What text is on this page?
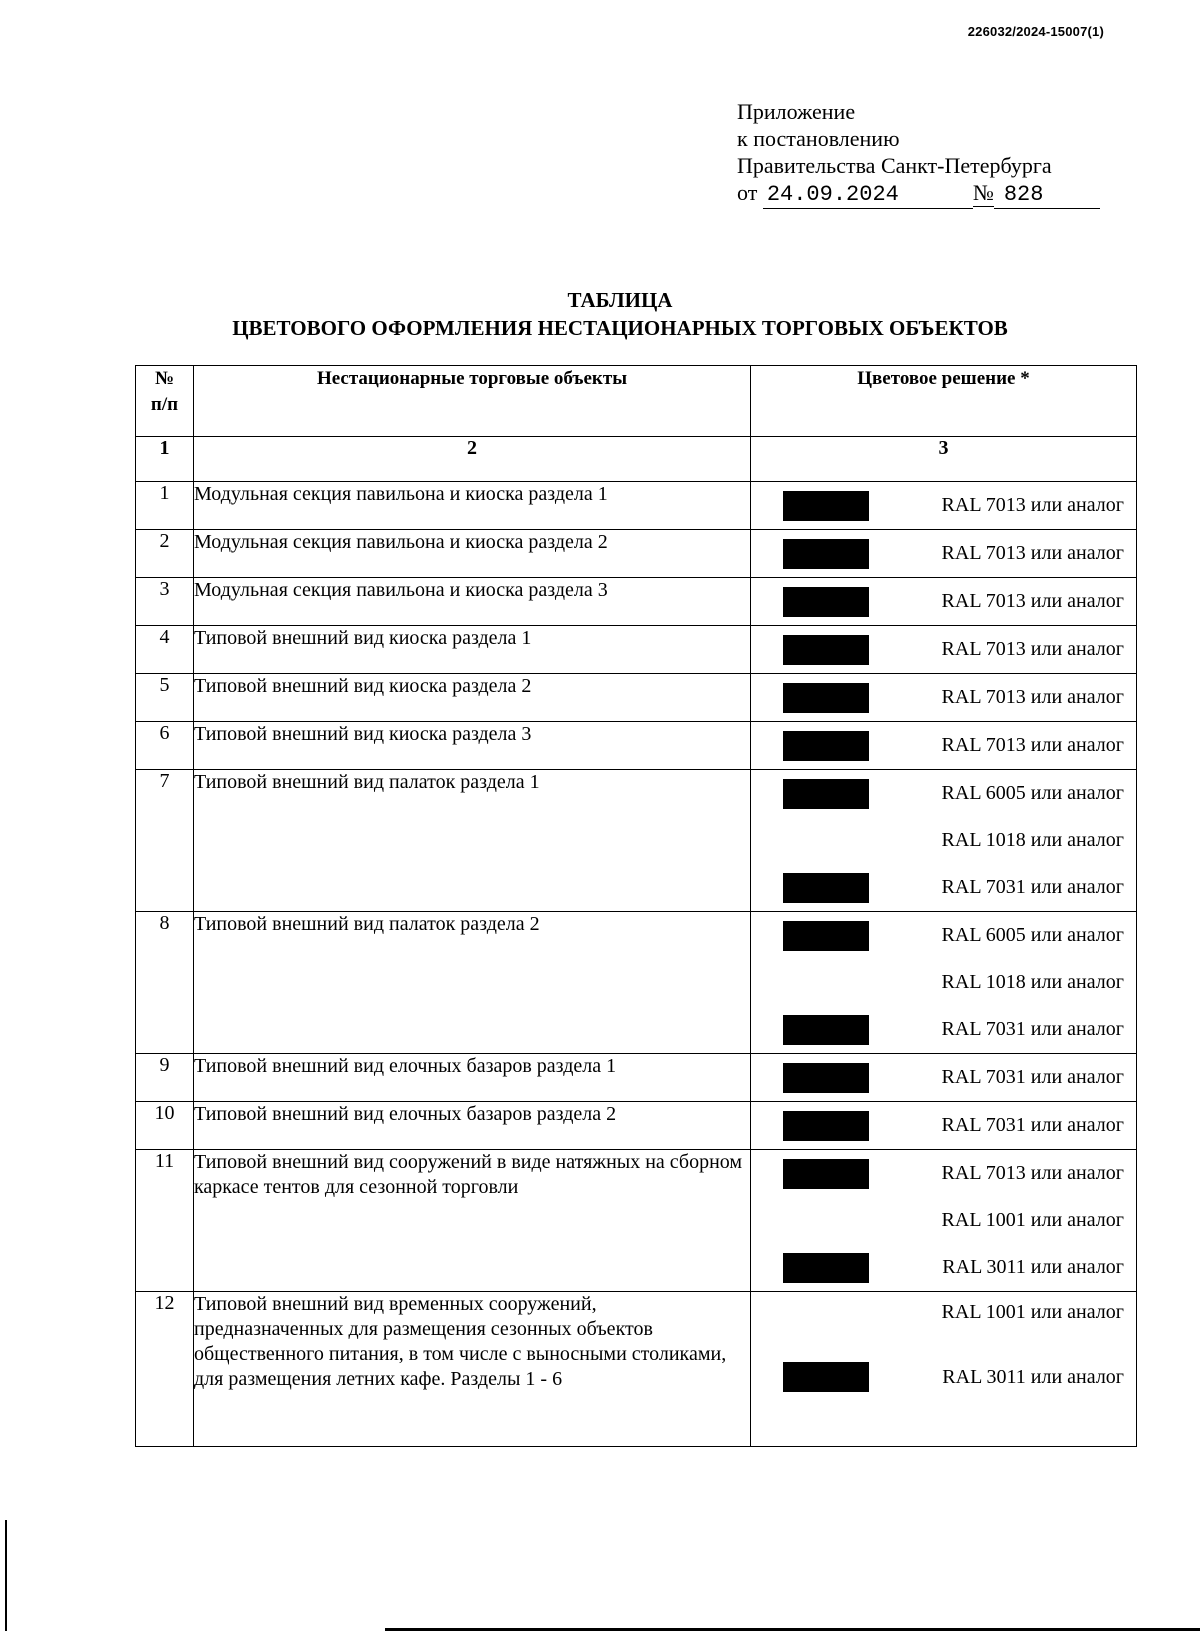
226032/2024-15007(1)
Приложение
к постановлению
Правительства Санкт-Петербурга
от 24.09.2024	№ 828
ТАБЛИЦА
ЦВЕТОВОГО ОФОРМЛЕНИЯ НЕСТАЦИОНАРНЫХ ТОРГОВЫХ ОБЪЕКТОВ
№
п/п	Нестационарные торговые объекты	Цветовое решение *
1	2	3
1	Модульная секция павильона и киоска раздела 1	RAL 7013 или аналог

2	Модульная секция павильона и киоска раздела 2	RAL 7013 или аналог

3	Модульная секция павильона и киоска раздела 3	RAL 7013 или аналог

4	Типовой внешний вид киоска раздела 1	RAL 7013 или аналог

5	Типовой внешний вид киоска раздела 2	RAL 7013 или аналог

6	Типовой внешний вид киоска раздела 3	RAL 7013 или аналог

7	Типовой внешний вид палаток раздела 1	RAL 6005 или аналог
RAL 1018 или аналог
RAL 7031 или аналог

8	Типовой внешний вид палаток раздела 2	RAL 6005 или аналог
RAL 1018 или аналог
RAL 7031 или аналог

9	Типовой внешний вид елочных базаров раздела 1	RAL 7031 или аналог

10	Типовой внешний вид елочных базаров раздела 2	RAL 7031 или аналог

11	Типовой внешний вид сооружений в виде натяжных на сборном каркасе тентов для сезонной торговли	RAL 7013 или аналог
RAL 1001 или аналог
RAL 3011 или аналог

12	Типовой внешний вид временных сооружений, предназначенных для размещения сезонных объектов общественного питания, в том числе с выносными столиками, для размещения летних кафе. Разделы 1 - 6	RAL 1001 или аналог
RAL 3011 или аналог
